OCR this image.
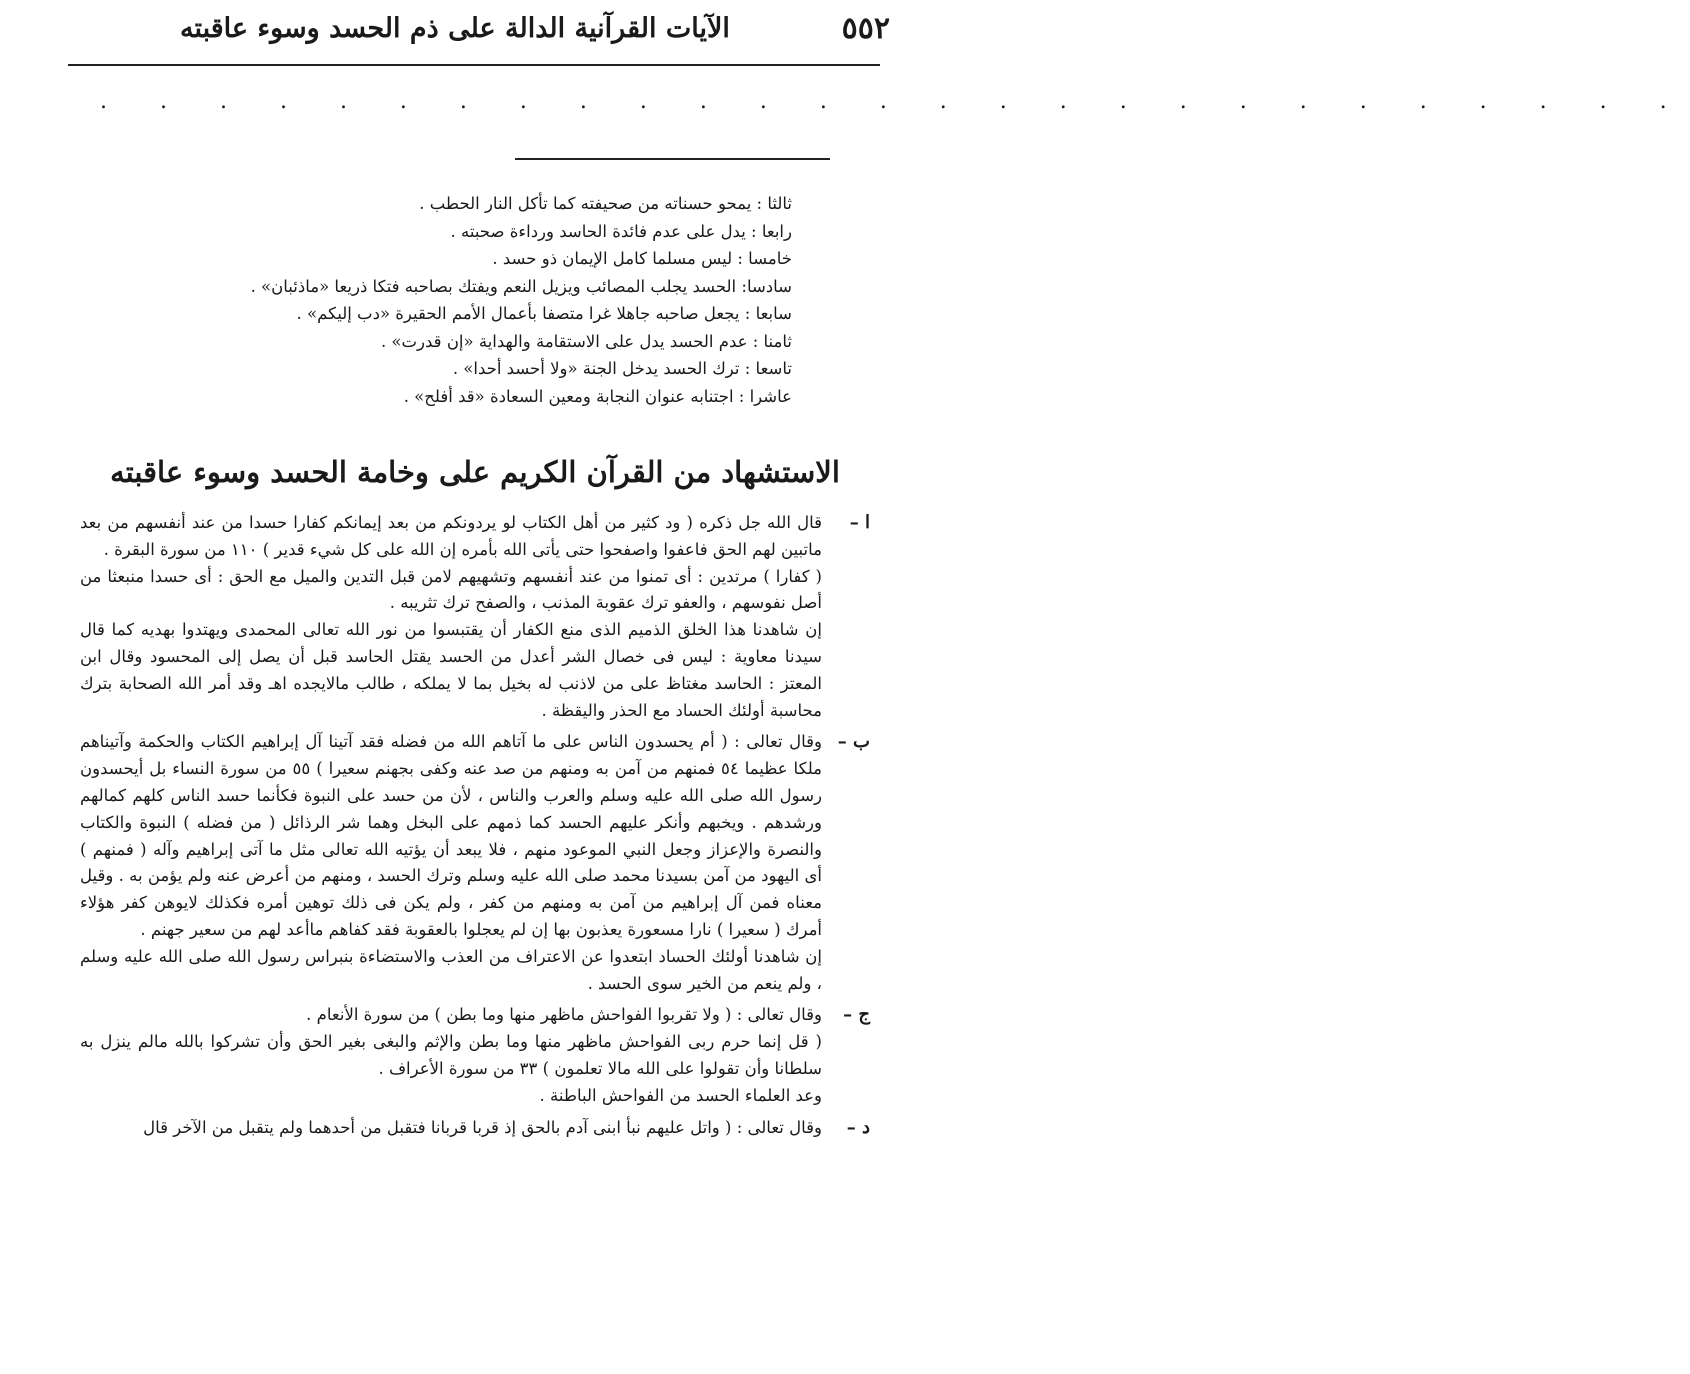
٥٥٢
الآيات القرآنية الدالة على ذم الحسد وسوء عاقبته
. . . . . . . . . . . . . . . . . . . . . . . . . . .
ثالثا : يمحو حسناته من صحيفته كما تأكل النار الحطب .
رابعا : يدل على عدم فائدة الحاسد ورداءة صحبته .
خامسا : ليس مسلما كامل الإيمان ذو حسد .
سادسا: الحسد يجلب المصائب ويزيل النعم ويفتك بصاحبه فتكا ذريعا «ماذئبان» .
سابعا : يجعل صاحبه جاهلا غرا متصفا بأعمال الأمم الحقيرة «دب إليكم» .
ثامنا : عدم الحسد يدل على الاستقامة والهداية «إن قدرت» .
تاسعا : ترك الحسد يدخل الجنة «ولا أحسد أحدا» .
عاشرا : اجتنابه عنوان النجابة ومعين السعادة «قد أفلح» .
الاستشهاد من القرآن الكريم على وخامة الحسد وسوء عاقبته
ا –

قال الله جل ذكره ( ود كثير من أهل الكتاب لو يردونكم من بعد إيمانكم كفارا حسدا من عند أنفسهم من بعد ماتبين لهم الحق فاعفوا واصفحوا حتى يأتى الله بأمره إن الله على كل شيء قدير ) ١١٠ من سورة البقرة .

( كفارا ) مرتدين : أى تمنوا من عند أنفسهم وتشهيهم لامن قبل التدين والميل مع الحق : أى حسدا منبعثا من أصل نفوسهم ، والعفو ترك عقوبة المذنب ، والصفح ترك تثريبه .

إن شاهدنا هذا الخلق الذميم الذى منع الكفار أن يقتبسوا من نور الله تعالى المحمدى ويهتدوا بهديه كما قال سيدنا معاوية : ليس فى خصال الشر أعدل من الحسد يقتل الحاسد قبل أن يصل إلى المحسود وقال ابن المعتز : الحاسد مغتاظ على من لاذنب له بخيل بما لا يملكه ، طالب مالايجده اهـ وقد أمر الله الصحابة بترك محاسبة أولئك الحساد مع الحذر واليقظة .

ب –

وقال تعالى : ( أم يحسدون الناس على ما آتاهم الله من فضله فقد آتينا آل إبراهيم الكتاب والحكمة وآتيناهم ملكا عظيما ٥٤ فمنهم من آمن به ومنهم من صد عنه وكفى بجهنم سعيرا ) ٥٥ من سورة النساء بل أيحسدون رسول الله صلى الله عليه وسلم والعرب والناس ، لأن من حسد على النبوة فكأنما حسد الناس كلهم كمالهم ورشدهم . ويخبهم وأنكر عليهم الحسد كما ذمهم على البخل وهما شر الرذائل ( من فضله ) النبوة والكتاب والنصرة والإعزاز وجعل النبي الموعود منهم ، فلا يبعد أن يؤتيه الله تعالى مثل ما آتى إبراهيم وآله ( فمنهم ) أى اليهود من آمن بسيدنا محمد صلى الله عليه وسلم وترك الحسد ، ومنهم من أعرض عنه ولم يؤمن به . وقيل معناه فمن آل إبراهيم من آمن به ومنهم من كفر ، ولم يكن فى ذلك توهين أمره فكذلك لايوهن كفر هؤلاء أمرك ( سعيرا ) نارا مسعورة يعذبون بها إن لم يعجلوا بالعقوبة فقد كفاهم ماأعد لهم من سعير جهنم .

إن شاهدنا أولئك الحساد ابتعدوا عن الاعتراف من العذب والاستضاءة بنبراس رسول الله صلى الله عليه وسلم ، ولم ينعم من الخير سوى الحسد .

ج –

وقال تعالى : ( ولا تقربوا الفواحش ماظهر منها وما بطن ) من سورة الأنعام .

( قل إنما حرم ربى الفواحش ماظهر منها وما بطن والإثم والبغى بغير الحق وأن تشركوا بالله مالم ينزل به سلطانا وأن تقولوا على الله مالا تعلمون ) ٣٣ من سورة الأعراف .

وعد العلماء الحسد من الفواحش الباطنة .

د –

وقال تعالى : ( واتل عليهم نبأ ابنى آدم بالحق إذ قربا قربانا فتقبل من أحدهما ولم يتقبل من الآخر قال
